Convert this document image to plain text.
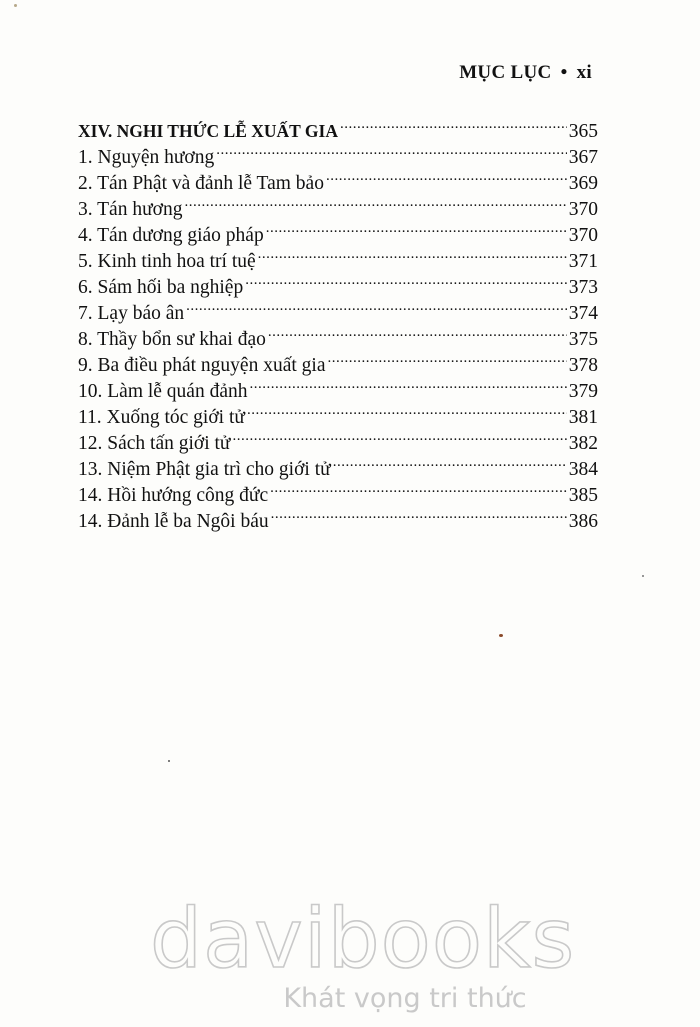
MỤC LỤC • xi
XIV. NGHI THỨC LỄ XUẤT GIA .....	365
1. Nguyện hương .....	367
2. Tán Phật và đảnh lễ Tam bảo .....	369
3. Tán hương .....	370
4. Tán dương giáo pháp .....	370
5. Kinh tinh hoa trí tuệ .....	371
6. Sám hối ba nghiệp .....	373
7. Lạy báo ân .....	374
8. Thầy bổn sư khai đạo .....	375
9. Ba điều phát nguyện xuất gia .....	378
10. Làm lễ quán đảnh .....	379
11. Xuống tóc giới tử .....	381
12. Sách tấn giới tử .....	382
13. Niệm Phật gia trì cho giới tử .....	384
14. Hồi hướng công đức .....	385
14. Đảnh lễ ba Ngôi báu .....	386
davibooks
Khát vọng tri thức
